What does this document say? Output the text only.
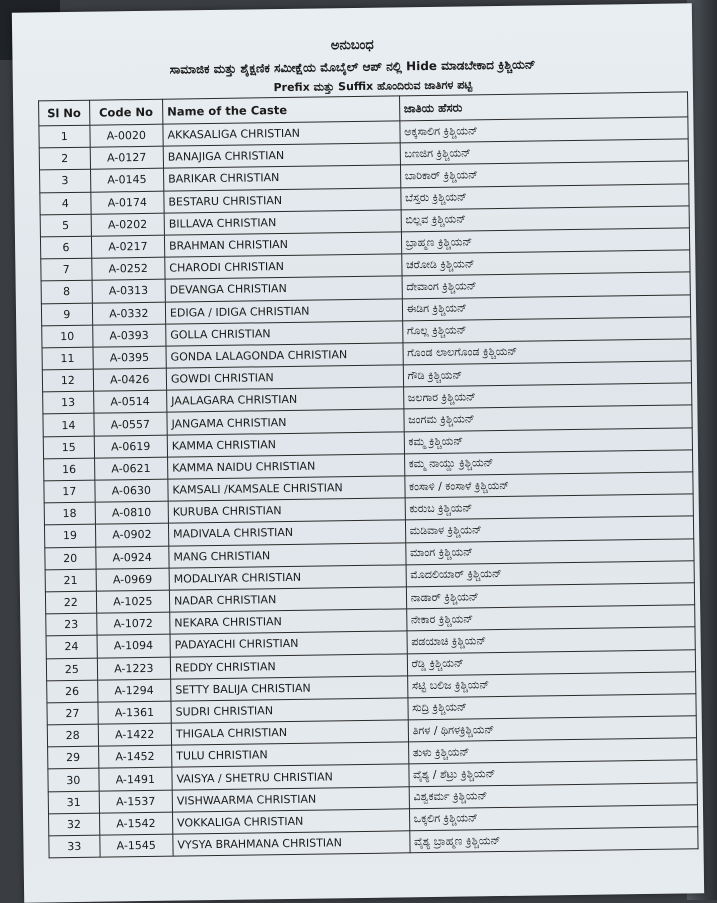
ಅನುಬಂಧ
ಸಾಮಾಜಿಕ ಮತ್ತು ಶೈಕ್ಷಣಿಕ ಸಮೀಕ್ಷೆಯ ಮೊಬೈಲ್ ಆಪ್ ನಲ್ಲಿ Hide ಮಾಡಬೇಕಾದ ಕ್ರಿಶ್ಚಿಯನ್
Prefix ಮತ್ತು Suffix ಹೊಂದಿರುವ ಜಾತಿಗಳ ಪಟ್ಟಿ
Sl No	Code No	Name of the Caste	ಜಾತಿಯ ಹೆಸರು
1	A-0020	AKKASALIGA CHRISTIAN	ಅಕ್ಕಸಾಲಿಗ ಕ್ರಿಶ್ಚಿಯನ್
2	A-0127	BANAJIGA CHRISTIAN	ಬಣಜಿಗ ಕ್ರಿಶ್ಚಿಯನ್
3	A-0145	BARIKAR CHRISTIAN	ಬಾರಿಕಾರ್ ಕ್ರಿಶ್ಚಿಯನ್
4	A-0174	BESTARU CHRISTIAN	ಬೆಸ್ತರು ಕ್ರಿಶ್ಚಿಯನ್
5	A-0202	BILLAVA CHRISTIAN	ಬಿಲ್ಲವ ಕ್ರಿಶ್ಚಿಯನ್
6	A-0217	BRAHMAN CHRISTIAN	ಬ್ರಾಹ್ಮಣ ಕ್ರಿಶ್ಚಿಯನ್
7	A-0252	CHARODI CHRISTIAN	ಚರೋಡಿ ಕ್ರಿಶ್ಚಿಯನ್
8	A-0313	DEVANGA CHRISTIAN	ದೇವಾಂಗ ಕ್ರಿಶ್ಚಿಯನ್
9	A-0332	EDIGA / IDIGA CHRISTIAN	ಈಡಿಗ ಕ್ರಿಶ್ಚಿಯನ್
10	A-0393	GOLLA CHRISTIAN	ಗೊಲ್ಲ ಕ್ರಿಶ್ಚಿಯನ್
11	A-0395	GONDA LALAGONDA CHRISTIAN	ಗೊಂಡ ಲಾಲಗೊಂಡ ಕ್ರಿಶ್ಚಿಯನ್
12	A-0426	GOWDI CHRISTIAN	ಗೌಡಿ ಕ್ರಿಶ್ಚಿಯನ್
13	A-0514	JAALAGARA CHRISTIAN	ಜಲಗಾರ ಕ್ರಿಶ್ಚಿಯನ್
14	A-0557	JANGAMA CHRISTIAN	ಜಂಗಮ ಕ್ರಿಶ್ಚಿಯನ್
15	A-0619	KAMMA CHRISTIAN	ಕಮ್ಮ ಕ್ರಿಶ್ಚಿಯನ್
16	A-0621	KAMMA NAIDU CHRISTIAN	ಕಮ್ಮ ನಾಯ್ಡು ಕ್ರಿಶ್ಚಿಯನ್
17	A-0630	KAMSALI /KAMSALE CHRISTIAN	ಕಂಸಾಳಿ / ಕಂಸಾಳೆ ಕ್ರಿಶ್ಚಿಯನ್
18	A-0810	KURUBA CHRISTIAN	ಕುರುಬ ಕ್ರಿಶ್ಚಿಯನ್
19	A-0902	MADIVALA CHRISTIAN	ಮಡಿವಾಳ ಕ್ರಿಶ್ಚಿಯನ್
20	A-0924	MANG CHRISTIAN	ಮಾಂಗ ಕ್ರಿಶ್ಚಿಯನ್
21	A-0969	MODALIYAR CHRISTIAN	ಮೊದಲಿಯಾರ್ ಕ್ರಿಶ್ಚಿಯನ್
22	A-1025	NADAR CHRISTIAN	ನಾಡಾರ್ ಕ್ರಿಶ್ಚಿಯನ್
23	A-1072	NEKARA CHRISTIAN	ನೇಕಾರ ಕ್ರಿಶ್ಚಿಯನ್
24	A-1094	PADAYACHI CHRISTIAN	ಪಡಯಾಚಿ ಕ್ರಿಶ್ಚಿಯನ್
25	A-1223	REDDY CHRISTIAN	ರೆಡ್ಡಿ ಕ್ರಿಶ್ಚಿಯನ್
26	A-1294	SETTY BALIJA CHRISTIAN	ಸೆಟ್ಟಿ ಬಲಿಜ ಕ್ರಿಶ್ಚಿಯನ್
27	A-1361	SUDRI CHRISTIAN	ಸುದ್ರಿ ಕ್ರಿಶ್ಚಿಯನ್
28	A-1422	THIGALA CHRISTIAN	ತಿಗಳ / ಥಿಗಳಕ್ರಿಶ್ಚಿಯನ್
29	A-1452	TULU CHRISTIAN	ತುಳು ಕ್ರಿಶ್ಚಿಯನ್
30	A-1491	VAISYA / SHETRU CHRISTIAN	ವೈಶ್ಯ / ಶೆಟ್ರು ಕ್ರಿಶ್ಚಿಯನ್
31	A-1537	VISHWAARMA CHRISTIAN	ವಿಶ್ವಕರ್ಮ ಕ್ರಿಶ್ಚಿಯನ್
32	A-1542	VOKKALIGA CHRISTIAN	ಒಕ್ಕಲಿಗ ಕ್ರಿಶ್ಚಿಯನ್
33	A-1545	VYSYA BRAHMANA CHRISTIAN	ವೈಶ್ಯ ಬ್ರಾಹ್ಮಣ ಕ್ರಿಶ್ಚಿಯನ್
